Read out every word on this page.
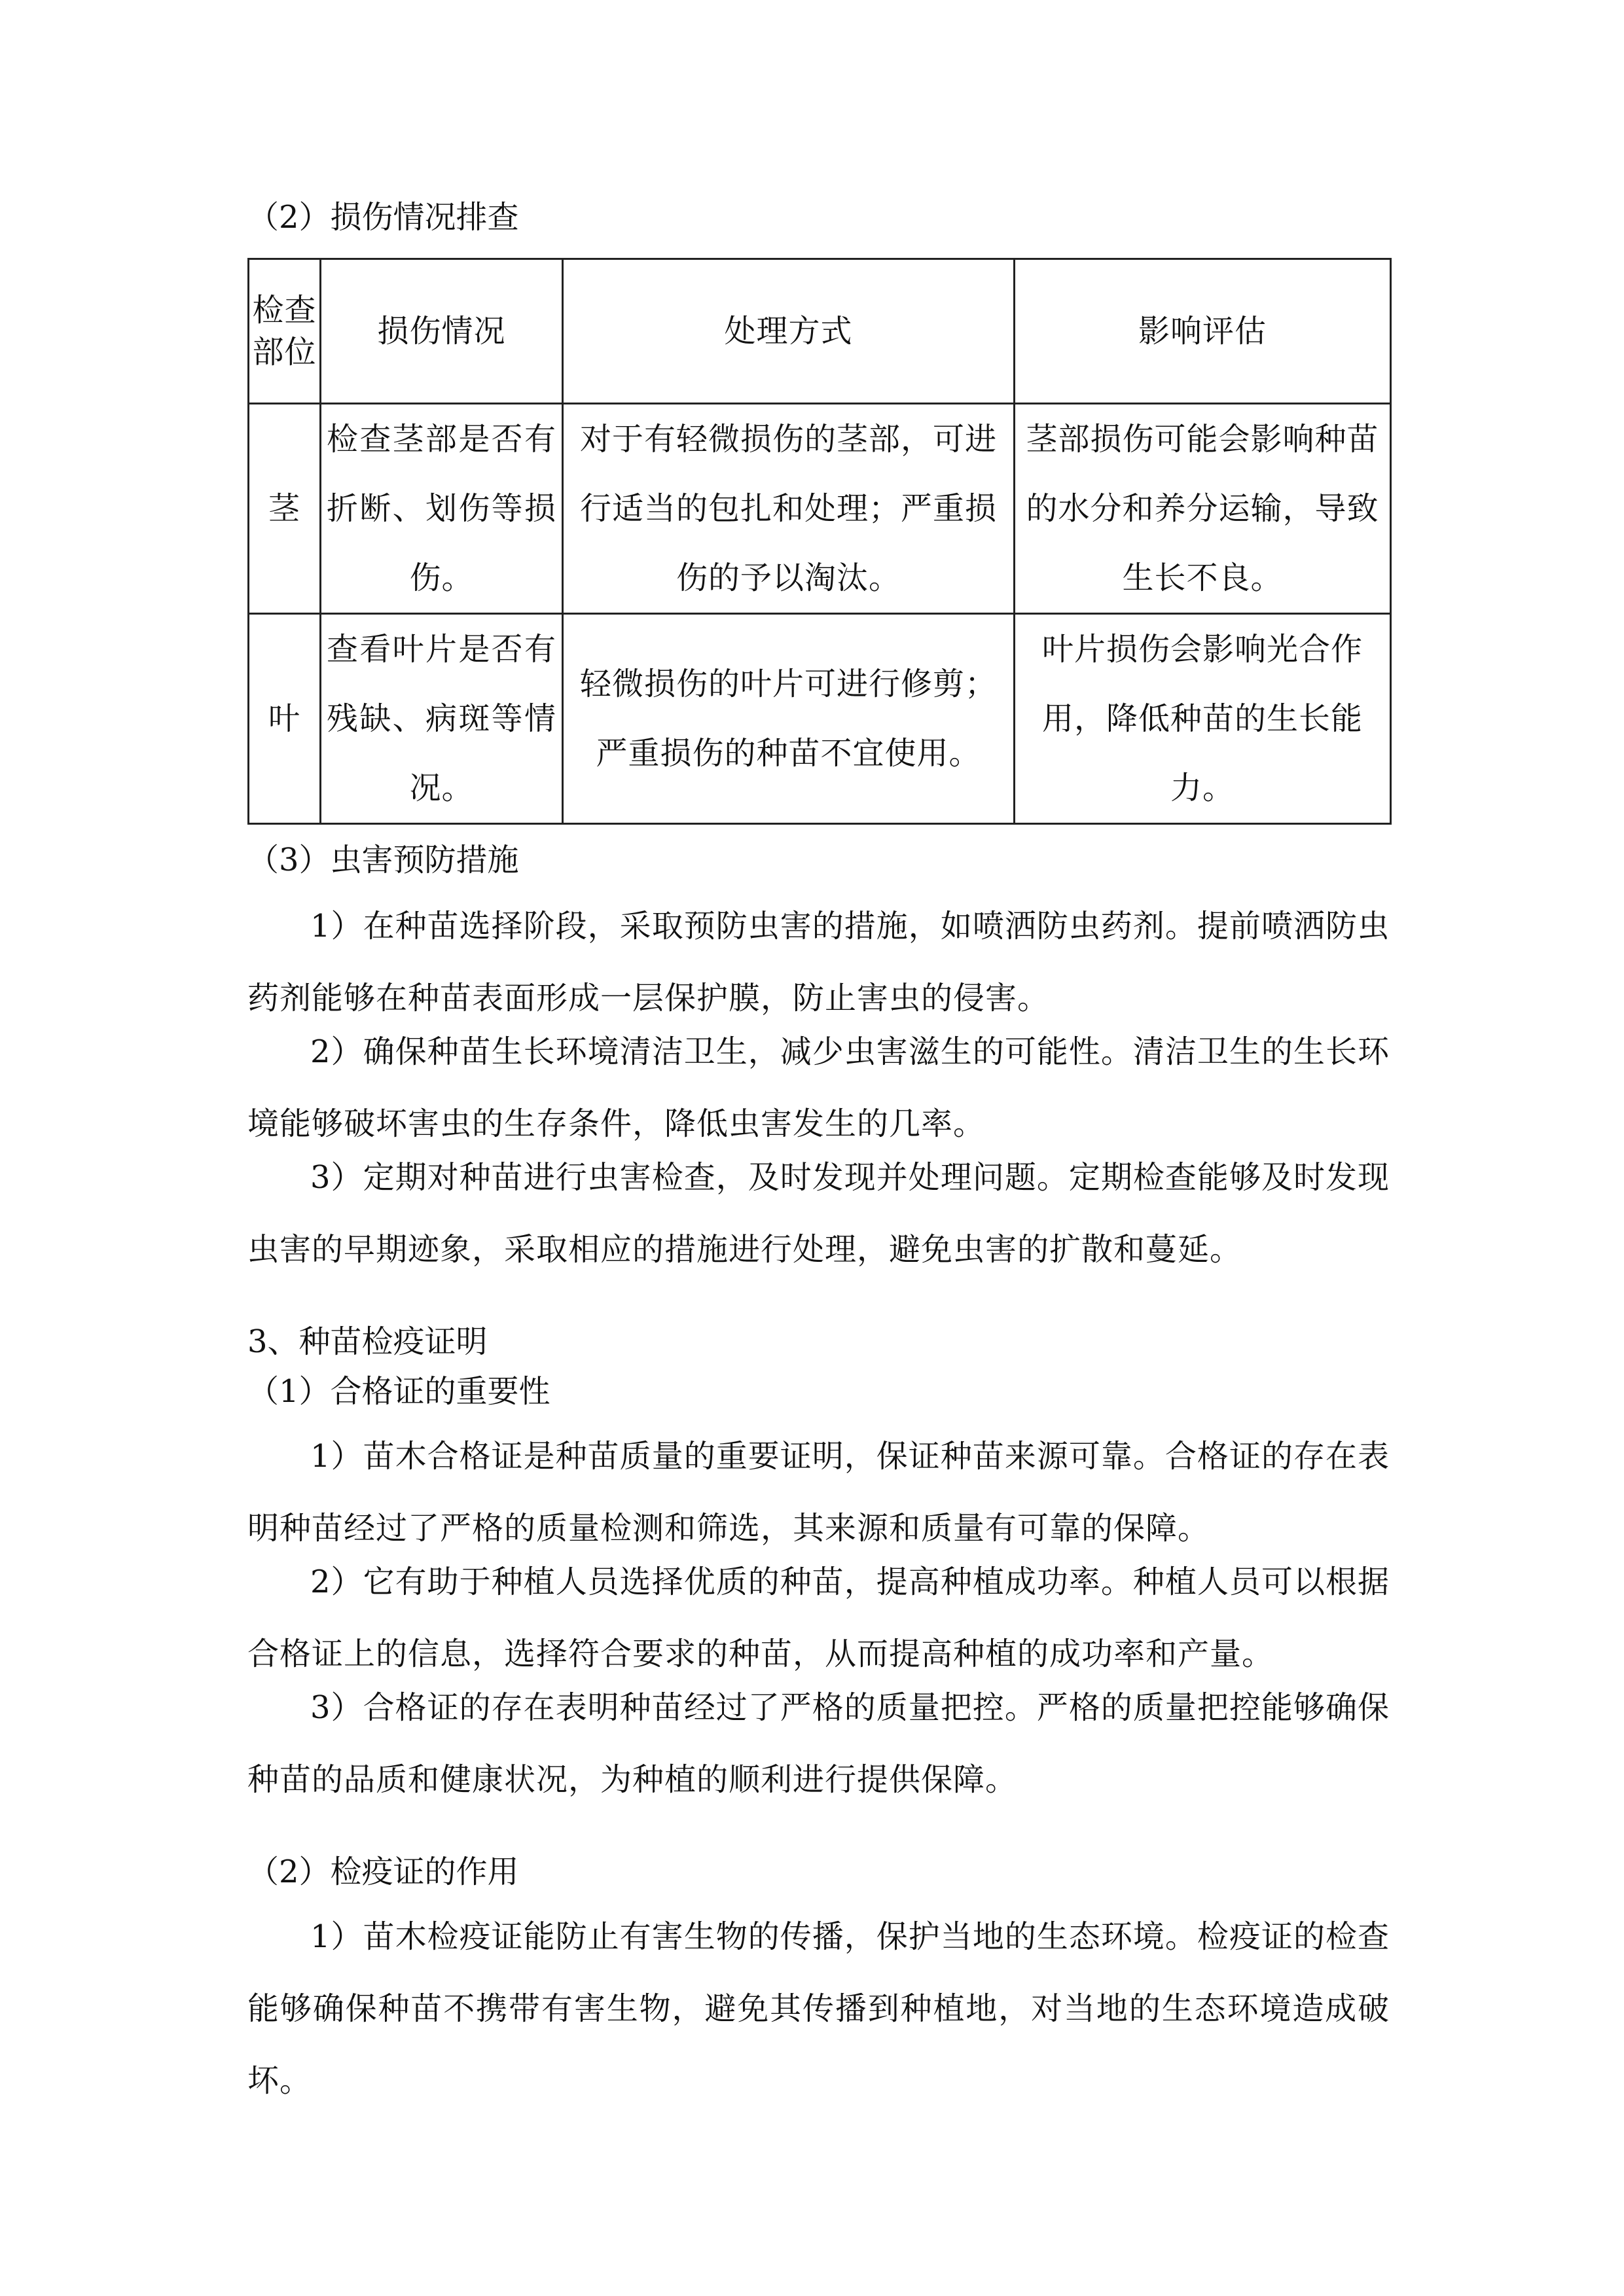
（2）损伤情况排查
检查部位	损伤情况	处理方式	影响评估
茎	检查茎部是否有折断、划伤等损伤。	对于有轻微损伤的茎部，可进行适当的包扎和处理；严重损伤的予以淘汰。	茎部损伤可能会影响种苗的水分和养分运输，导致生长不良。
叶	查看叶片是否有残缺、病斑等情况。	轻微损伤的叶片可进行修剪；严重损伤的种苗不宜使用。	叶片损伤会影响光合作用，降低种苗的生长能力。
（3）虫害预防措施
1）在种苗选择阶段，采取预防虫害的措施，如喷洒防虫药剂。提前喷洒防虫药剂能够在种苗表面形成一层保护膜，防止害虫的侵害。
2）确保种苗生长环境清洁卫生，减少虫害滋生的可能性。清洁卫生的生长环境能够破坏害虫的生存条件，降低虫害发生的几率。
3）定期对种苗进行虫害检查，及时发现并处理问题。定期检查能够及时发现虫害的早期迹象，采取相应的措施进行处理，避免虫害的扩散和蔓延。
3、种苗检疫证明
（1）合格证的重要性
1）苗木合格证是种苗质量的重要证明，保证种苗来源可靠。合格证的存在表明种苗经过了严格的质量检测和筛选，其来源和质量有可靠的保障。
2）它有助于种植人员选择优质的种苗，提高种植成功率。种植人员可以根据合格证上的信息，选择符合要求的种苗，从而提高种植的成功率和产量。
3）合格证的存在表明种苗经过了严格的质量把控。严格的质量把控能够确保种苗的品质和健康状况，为种植的顺利进行提供保障。
（2）检疫证的作用
1）苗木检疫证能防止有害生物的传播，保护当地的生态环境。检疫证的检查能够确保种苗不携带有害生物，避免其传播到种植地，对当地的生态环境造成破坏。
